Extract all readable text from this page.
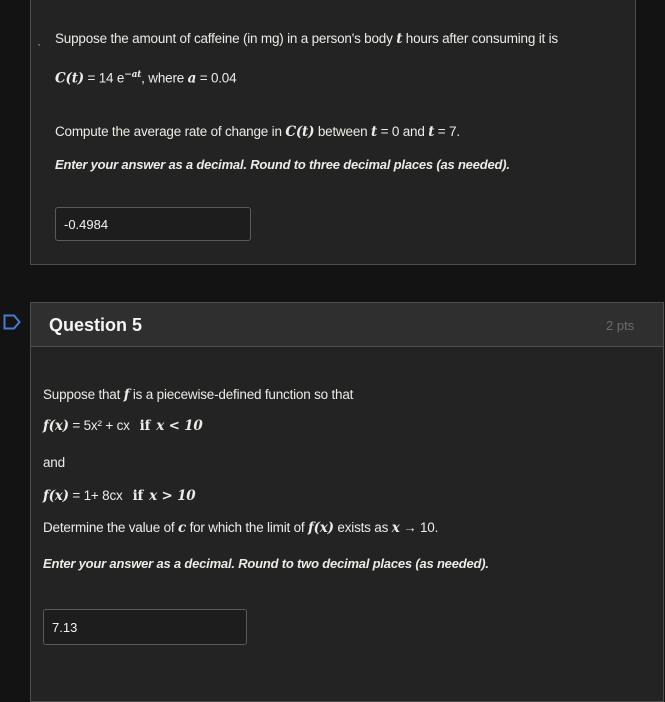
· Suppose the amount of caffeine (in mg) in a person's body t hours after consuming it is
C(t) = 14 $e^{-at}$, where a = 0.04
Compute the average rate of change in C(t) between t = 0 and t = 7.
Enter your answer as a decimal. Round to three decimal places (as needed).
-0.4984
Question 5	2 pts
Suppose that f is a piecewise-defined function so that
f(x) = 5x² + cx if x < 10
and
f(x) = 1+ 8cx if x > 10
Determine the value of c for which the limit of f(x) exists as x → 10.
Enter your answer as a decimal. Round to two decimal places (as needed).
7.13
